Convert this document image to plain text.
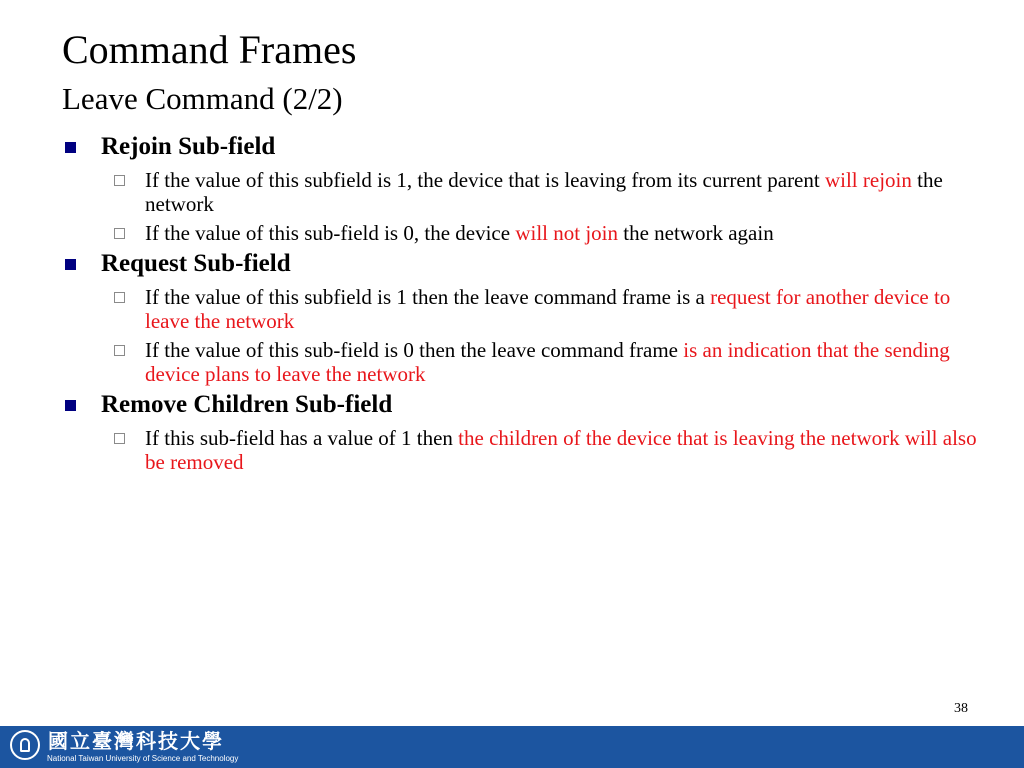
Command Frames
Leave Command (2/2)
Rejoin Sub-field
If the value of this subfield is 1, the device that is leaving from its current parent will rejoin the network
If the value of this sub-field is 0, the device will not join the network again
Request Sub-field
If the value of this subfield is 1 then the leave command frame is a request for another device to leave the network
If the value of this sub-field is 0 then the leave command frame is an indication that the sending device plans to leave the network
Remove Children Sub-field
If this sub-field has a value of 1 then the children of the device that is leaving the network will also be removed
38
國立臺灣科技大學
National Taiwan University of Science and Technology
